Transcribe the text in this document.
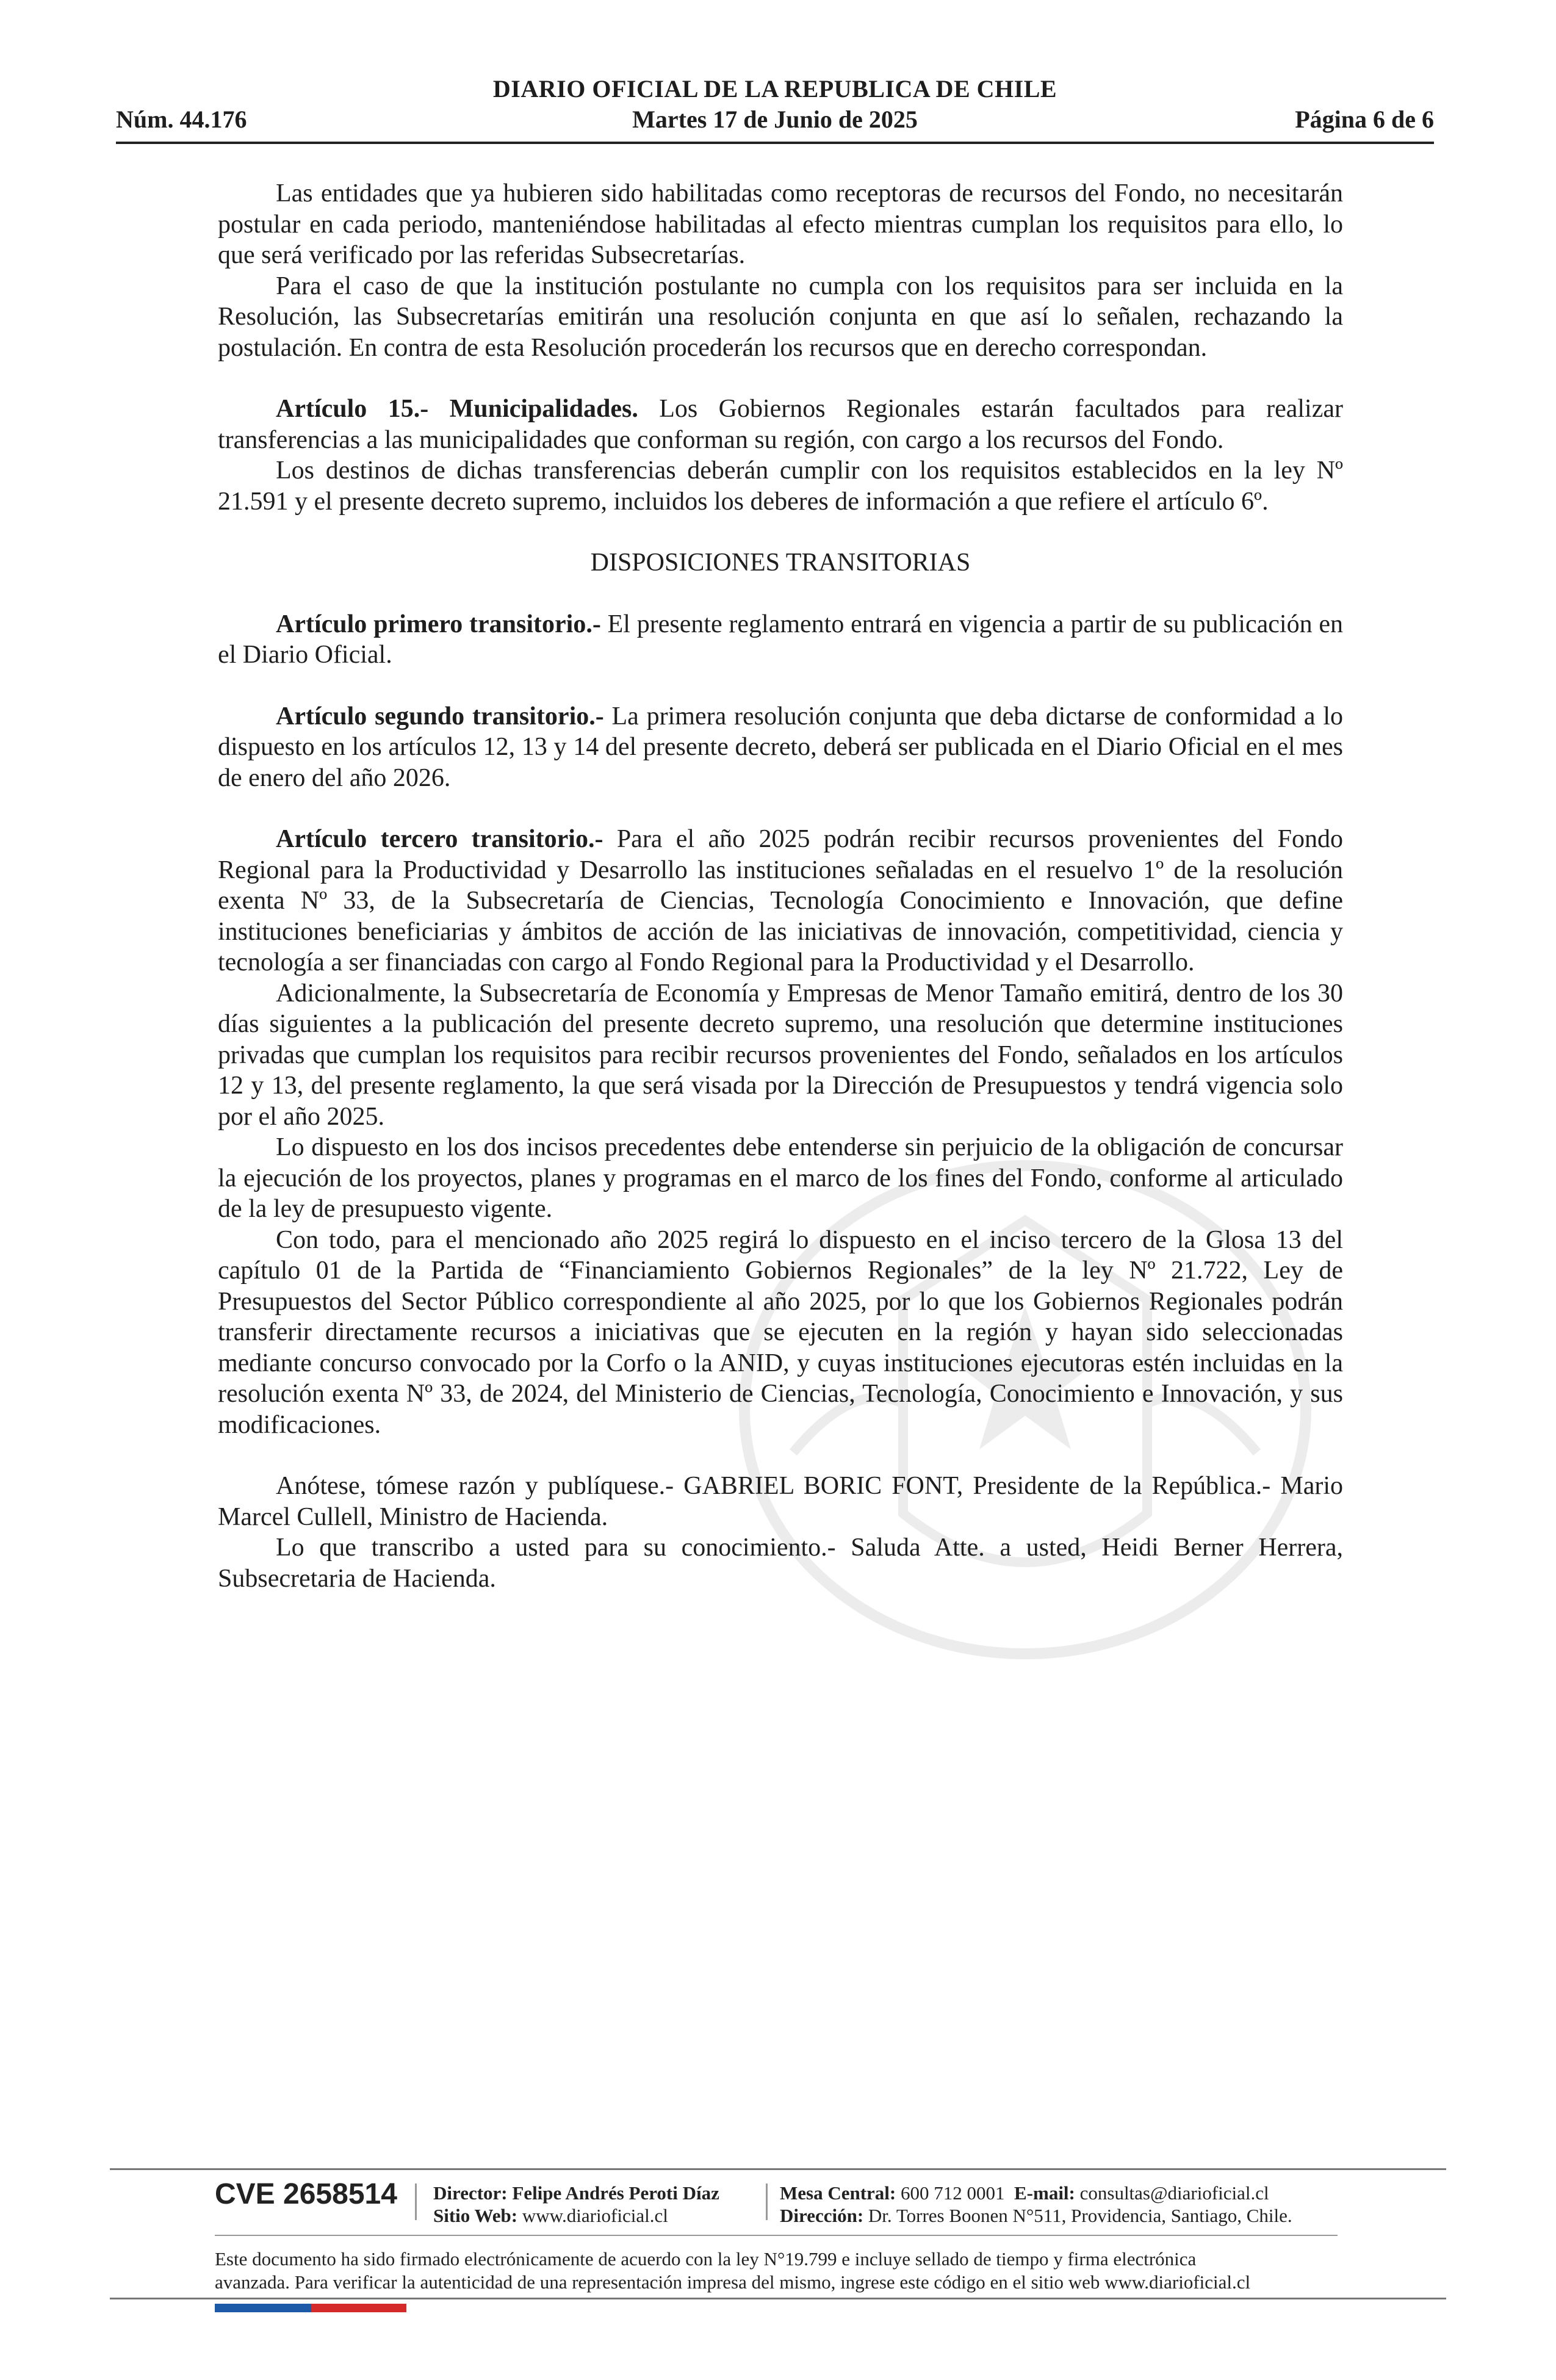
DIARIO OFICIAL DE LA REPUBLICA DE CHILE
Núm. 44.176	Martes 17 de Junio de 2025	Página 6 de 6

Las entidades que ya hubieren sido habilitadas como receptoras de recursos del Fondo, no necesitarán postular en cada periodo, manteniéndose habilitadas al efecto mientras cumplan los requisitos para ello, lo que será verificado por las referidas Subsecretarías.

Para el caso de que la institución postulante no cumpla con los requisitos para ser incluida en la Resolución, las Subsecretarías emitirán una resolución conjunta en que así lo señalen, rechazando la postulación. En contra de esta Resolución procederán los recursos que en derecho correspondan.

Artículo 15.- Municipalidades. Los Gobiernos Regionales estarán facultados para realizar transferencias a las municipalidades que conforman su región, con cargo a los recursos del Fondo.

Los destinos de dichas transferencias deberán cumplir con los requisitos establecidos en la ley Nº 21.591 y el presente decreto supremo, incluidos los deberes de información a que refiere el artículo 6º.

DISPOSICIONES TRANSITORIAS

Artículo primero transitorio.- El presente reglamento entrará en vigencia a partir de su publicación en el Diario Oficial.

Artículo segundo transitorio.- La primera resolución conjunta que deba dictarse de conformidad a lo dispuesto en los artículos 12, 13 y 14 del presente decreto, deberá ser publicada en el Diario Oficial en el mes de enero del año 2026.

Artículo tercero transitorio.- Para el año 2025 podrán recibir recursos provenientes del Fondo Regional para la Productividad y Desarrollo las instituciones señaladas en el resuelvo 1º de la resolución exenta Nº 33, de la Subsecretaría de Ciencias, Tecnología Conocimiento e Innovación, que define instituciones beneficiarias y ámbitos de acción de las iniciativas de innovación, competitividad, ciencia y tecnología a ser financiadas con cargo al Fondo Regional para la Productividad y el Desarrollo.

Adicionalmente, la Subsecretaría de Economía y Empresas de Menor Tamaño emitirá, dentro de los 30 días siguientes a la publicación del presente decreto supremo, una resolución que determine instituciones privadas que cumplan los requisitos para recibir recursos provenientes del Fondo, señalados en los artículos 12 y 13, del presente reglamento, la que será visada por la Dirección de Presupuestos y tendrá vigencia solo por el año 2025.

Lo dispuesto en los dos incisos precedentes debe entenderse sin perjuicio de la obligación de concursar la ejecución de los proyectos, planes y programas en el marco de los fines del Fondo, conforme al articulado de la ley de presupuesto vigente.

Con todo, para el mencionado año 2025 regirá lo dispuesto en el inciso tercero de la Glosa 13 del capítulo 01 de la Partida de “Financiamiento Gobiernos Regionales” de la ley Nº 21.722, Ley de Presupuestos del Sector Público correspondiente al año 2025, por lo que los Gobiernos Regionales podrán transferir directamente recursos a iniciativas que se ejecuten en la región y hayan sido seleccionadas mediante concurso convocado por la Corfo o la ANID, y cuyas instituciones ejecutoras estén incluidas en la resolución exenta Nº 33, de 2024, del Ministerio de Ciencias, Tecnología, Conocimiento e Innovación, y sus modificaciones.

Anótese, tómese razón y publíquese.- GABRIEL BORIC FONT, Presidente de la República.- Mario Marcel Cullell, Ministro de Hacienda.

Lo que transcribo a usted para su conocimiento.- Saluda Atte. a usted, Heidi Berner Herrera, Subsecretaria de Hacienda.

CVE 2658514 Director: Felipe Andrés Peroti Díaz
Sitio Web: www.diarioficial.cl
Mesa Central: 600 712 0001 E-mail: consultas@diarioficial.cl
Dirección: Dr. Torres Boonen N°511, Providencia, Santiago, Chile.
Este documento ha sido firmado electrónicamente de acuerdo con la ley N°19.799 e incluye sellado de tiempo y firma electrónica
avanzada. Para verificar la autenticidad de una representación impresa del mismo, ingrese este código en el sitio web www.diarioficial.cl
